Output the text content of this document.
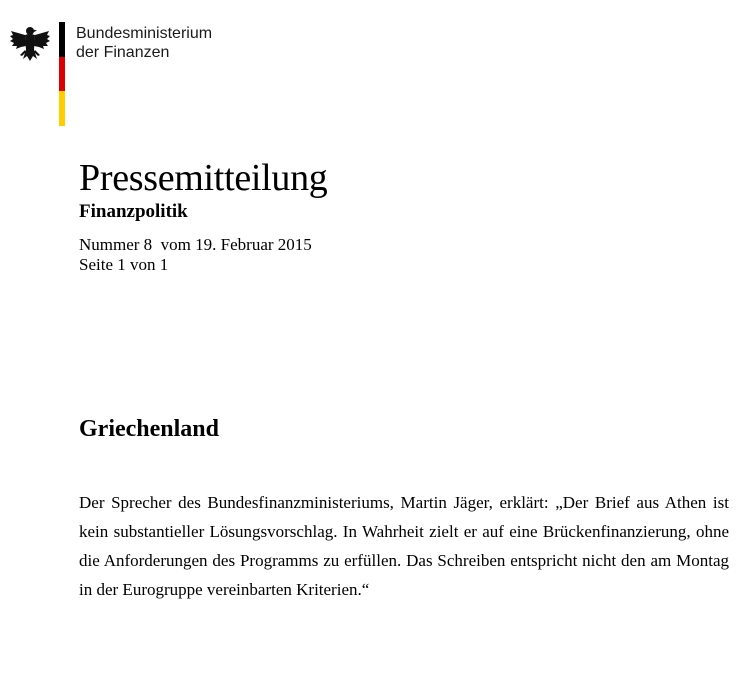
Bundesministerium
der Finanzen
Pressemitteilung

Finanzpolitik

Nummer 8  vom 19. Februar 2015

Seite 1 von 1

Griechenland

Der Sprecher des Bundesfinanzministeriums, Martin Jäger, erklärt: „Der Brief aus Athen ist kein substantieller Lösungsvorschlag. In Wahrheit zielt er auf eine Brückenfinanzierung, ohne die Anforderungen des Programms zu erfüllen. Das Schreiben entspricht nicht den am Montag in der Eurogruppe vereinbarten Kriterien.“
